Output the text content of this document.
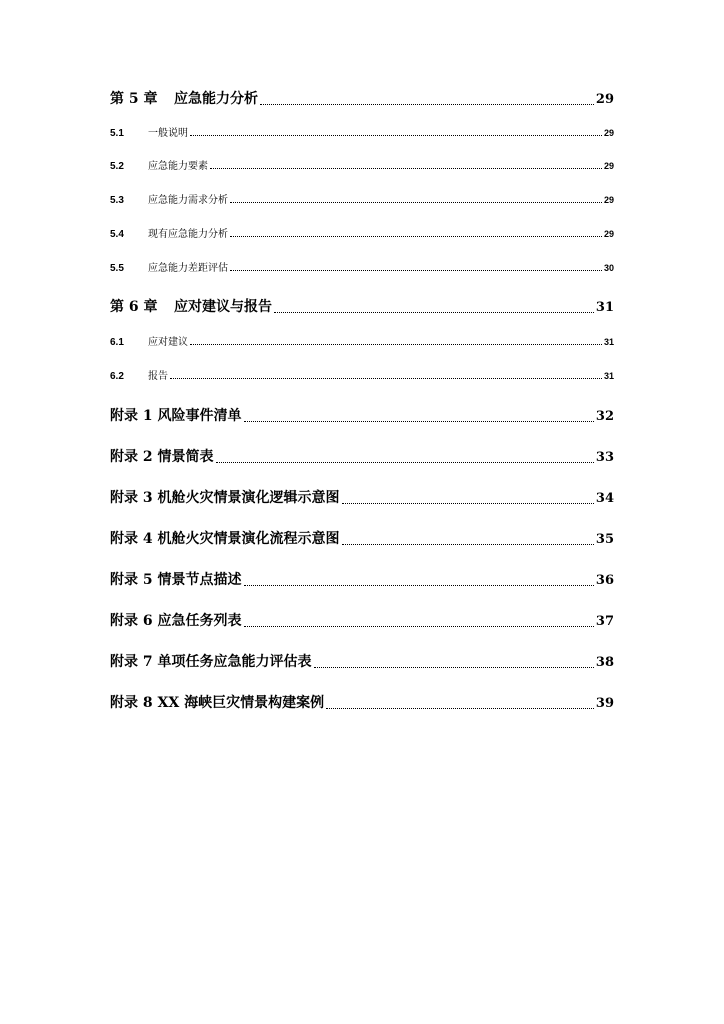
第 5 章	应急能力分析	29
5.1	一般说明	29
5.2	应急能力要素	29
5.3	应急能力需求分析	29
5.4	现有应急能力分析	29
5.5	应急能力差距评估	30
第 6 章	应对建议与报告	31
6.1	应对建议	31
6.2	报告	31
附录 1 风险事件清单	32
附录 2 情景简表	33
附录 3 机舱火灾情景演化逻辑示意图	34
附录 4 机舱火灾情景演化流程示意图	35
附录 5 情景节点描述	36
附录 6 应急任务列表	37
附录 7 单项任务应急能力评估表	38
附录 8 XX 海峡巨灾情景构建案例	39
